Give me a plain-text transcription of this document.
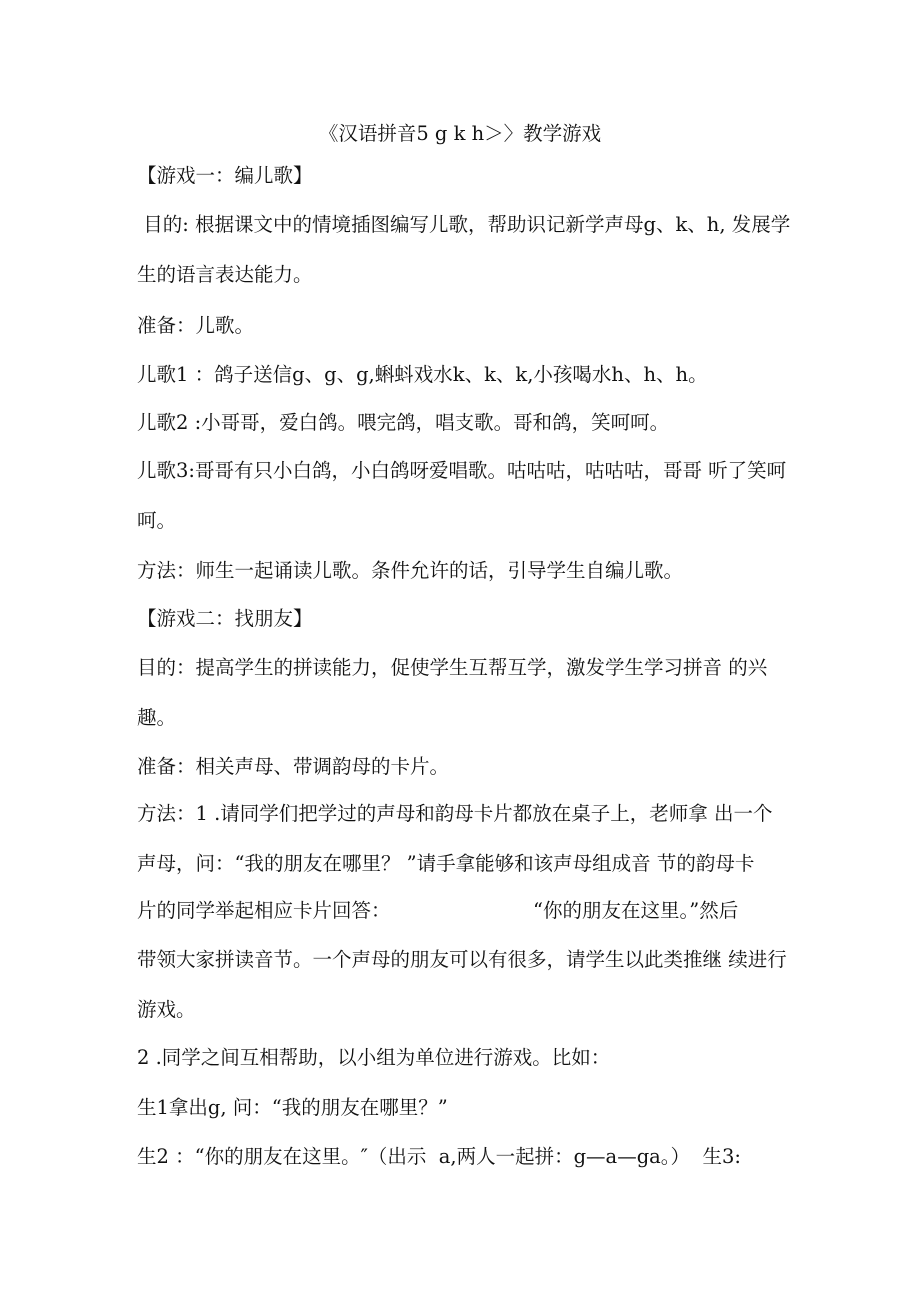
《汉语拼音5 g k h＞〉教学游戏
【游戏一：编儿歌】
目的: 根据课文中的情境插图编写儿歌，帮助识记新学声母g、k、h, 发展学
生的语言表达能力。
准备：儿歌。
儿歌1 ：鸽子送信g、g、g,蝌蚪戏水k、k、k,小孩喝水h、h、h。
儿歌2 :小哥哥，爱白鸽。喂完鸽，唱支歌。哥和鸽，笑呵呵。
儿歌3:哥哥有只小白鸽，小白鸽呀爱唱歌。咕咕咕，咕咕咕，哥哥 听了笑呵
呵。
方法：师生一起诵读儿歌。条件允许的话，引导学生自编儿歌。
【游戏二：找朋友】
目的：提高学生的拼读能力，促使学生互帮互学，激发学生学习拼音 的兴
趣。
准备：相关声母、带调韵母的卡片。
方法：1 .请同学们把学过的声母和韵母卡片都放在桌子上，老师拿 出一个
声母，问：“我的朋友在哪里？ ”请手拿能够和该声母组成音 节的韵母卡
片的同学举起相应卡片回答：	“你的朋友在这里。”然后
带领大家拼读音节。一个声母的朋友可以有很多，请学生以此类推继 续进行
游戏。
2 .同学之间互相帮助，以小组为单位进行游戏。比如：
生1拿出g, 问：“我的朋友在哪里？”
生2 ：“你的朋友在这里。″（出示  a,两人一起拼：g—a—ga。）  生3:
